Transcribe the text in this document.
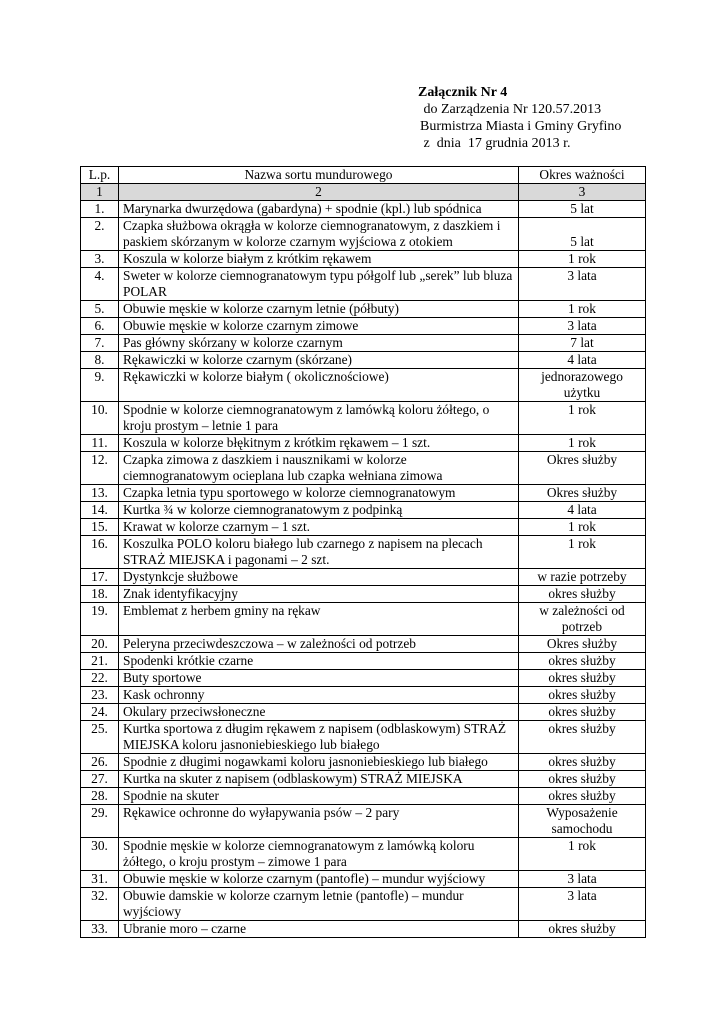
Załącznik Nr 4
do Zarządzenia Nr 120.57.2013
Burmistrza Miasta i Gminy Gryfino
z  dnia  17 grudnia 2013 r.
L.p.	Nazwa sortu mundurowego	Okres ważności
1	2	3
1.	Marynarka dwurzędowa (gabardyna) + spodnie (kpl.) lub spódnica	5 lat
2.	Czapka służbowa okrągła w kolorze ciemnogranatowym, z daszkiem i paskiem skórzanym w kolorze czarnym wyjściowa z otokiem	5 lat
3.	Koszula w kolorze białym z krótkim rękawem	1 rok
4.	Sweter w kolorze ciemnogranatowym typu półgolf lub „serek” lub bluza POLAR	3 lata
5.	Obuwie męskie w kolorze czarnym letnie (półbuty)	1 rok
6.	Obuwie męskie w kolorze czarnym zimowe	3 lata
7.	Pas główny skórzany w kolorze czarnym	7 lat
8.	Rękawiczki w kolorze czarnym (skórzane)	4 lata
9.	Rękawiczki w kolorze białym ( okolicznościowe)	jednorazowego użytku
10.	Spodnie w kolorze ciemnogranatowym z lamówką koloru żółtego, o kroju prostym – letnie 1 para	1 rok
11.	Koszula w kolorze błękitnym z krótkim rękawem – 1 szt.	1 rok
12.	Czapka zimowa z daszkiem i nausznikami w kolorze ciemnogranatowym ocieplana lub czapka wełniana zimowa	Okres służby
13.	Czapka letnia typu sportowego w kolorze ciemnogranatowym	Okres służby
14.	Kurtka ¾ w kolorze ciemnogranatowym z podpinką	4 lata
15.	Krawat w kolorze czarnym – 1 szt.	1 rok
16.	Koszulka POLO koloru białego lub czarnego z napisem na plecach STRAŻ MIEJSKA i pagonami – 2 szt.	1 rok
17.	Dystynkcje służbowe	w razie potrzeby
18.	Znak identyfikacyjny	okres służby
19.	Emblemat z herbem gminy na rękaw	w zależności od potrzeb
20.	Peleryna przeciwdeszczowa – w zależności od potrzeb	Okres służby
21.	Spodenki krótkie czarne	okres służby
22.	Buty sportowe	okres służby
23.	Kask ochronny	okres służby
24.	Okulary przeciwsłoneczne	okres służby
25.	Kurtka sportowa z długim rękawem z napisem (odblaskowym) STRAŻ MIEJSKA koloru jasnoniebieskiego lub białego	okres służby
26.	Spodnie z długimi nogawkami koloru jasnoniebieskiego lub białego	okres służby
27.	Kurtka na skuter z napisem (odblaskowym) STRAŻ MIEJSKA	okres służby
28.	Spodnie na skuter	okres służby
29.	Rękawice ochronne do wyłapywania psów – 2 pary	Wyposażenie samochodu
30.	Spodnie męskie w kolorze ciemnogranatowym z lamówką koloru żółtego, o kroju prostym – zimowe 1 para	1 rok
31.	Obuwie męskie w kolorze czarnym (pantofle) – mundur wyjściowy	3 lata
32.	Obuwie damskie w kolorze czarnym letnie (pantofle) – mundur wyjściowy	3 lata
33.	Ubranie moro – czarne	okres służby
